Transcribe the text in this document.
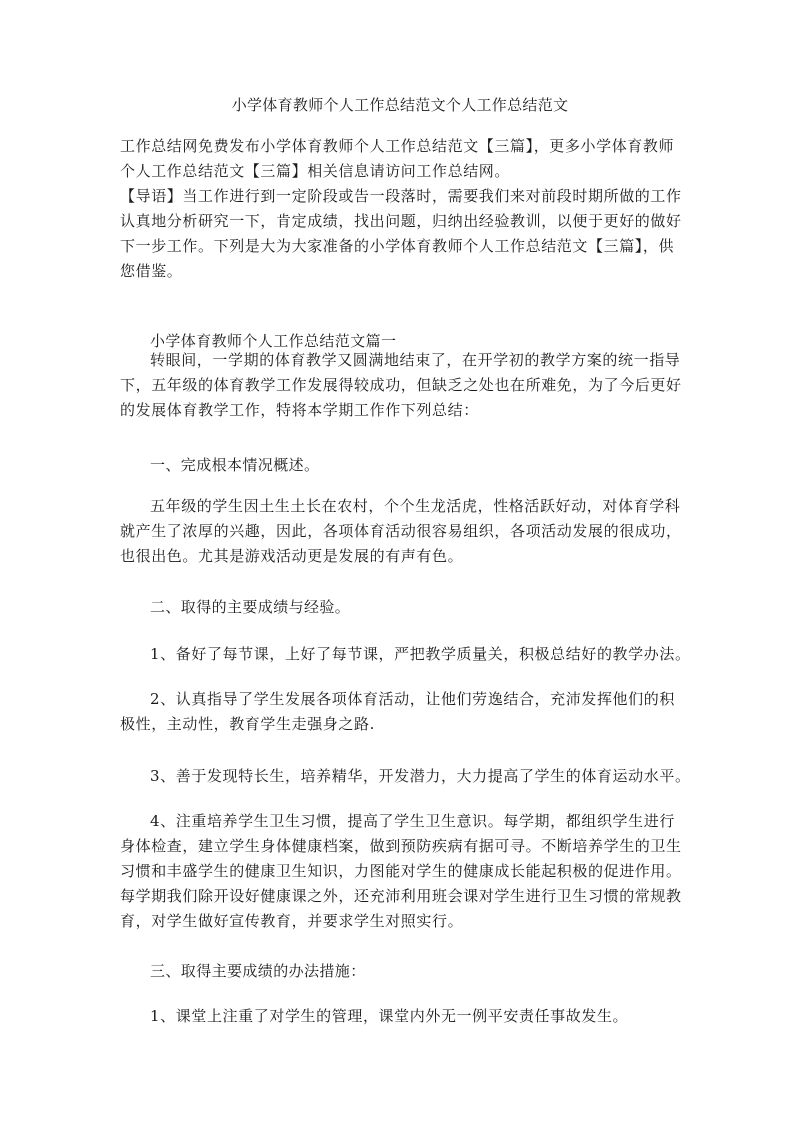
小学体育教师个人工作总结范文个人工作总结范文

工作总结网免费发布小学体育教师个人工作总结范文【三篇】，更多小学体育教师个人工作总结范文【三篇】相关信息请访问工作总结网。

【导语】当工作进行到一定阶段或告一段落时，需要我们来对前段时期所做的工作认真地分析研究一下，肯定成绩，找出问题，归纳出经验教训，以便于更好的做好下一步工作。下列是大为大家准备的小学体育教师个人工作总结范文【三篇】，供您借鉴。

小学体育教师个人工作总结范文篇一
转眼间，一学期的体育教学又圆满地结束了，在开学初的教学方案的统一指导下，五年级的体育教学工作发展得较成功，但缺乏之处也在所难免，为了今后更好的发展体育教学工作，特将本学期工作作下列总结：
一、完成根本情况概述。
五年级的学生因土生土长在农村，个个生龙活虎，性格活跃好动，对体育学科就产生了浓厚的兴趣，因此，各项体育活动很容易组织，各项活动发展的很成功，也很出色。尤其是游戏活动更是发展的有声有色。
二、取得的主要成绩与经验。
1、备好了每节课，上好了每节课，严把教学质量关，积极总结好的教学办法。
2、认真指导了学生发展各项体育活动，让他们劳逸结合，充沛发挥他们的积极性，主动性，教育学生走强身之路.
3、善于发现特长生，培养精华，开发潜力，大力提高了学生的体育运动水平。
4、注重培养学生卫生习惯，提高了学生卫生意识。每学期，都组织学生进行身体检查，建立学生身体健康档案，做到预防疾病有据可寻。不断培养学生的卫生习惯和丰盛学生的健康卫生知识，力图能对学生的健康成长能起积极的促进作用。每学期我们除开设好健康课之外，还充沛利用班会课对学生进行卫生习惯的常规教育，对学生做好宣传教育，并要求学生对照实行。
三、取得主要成绩的办法措施：
1、课堂上注重了对学生的管理，课堂内外无一例平安责任事故发生。
